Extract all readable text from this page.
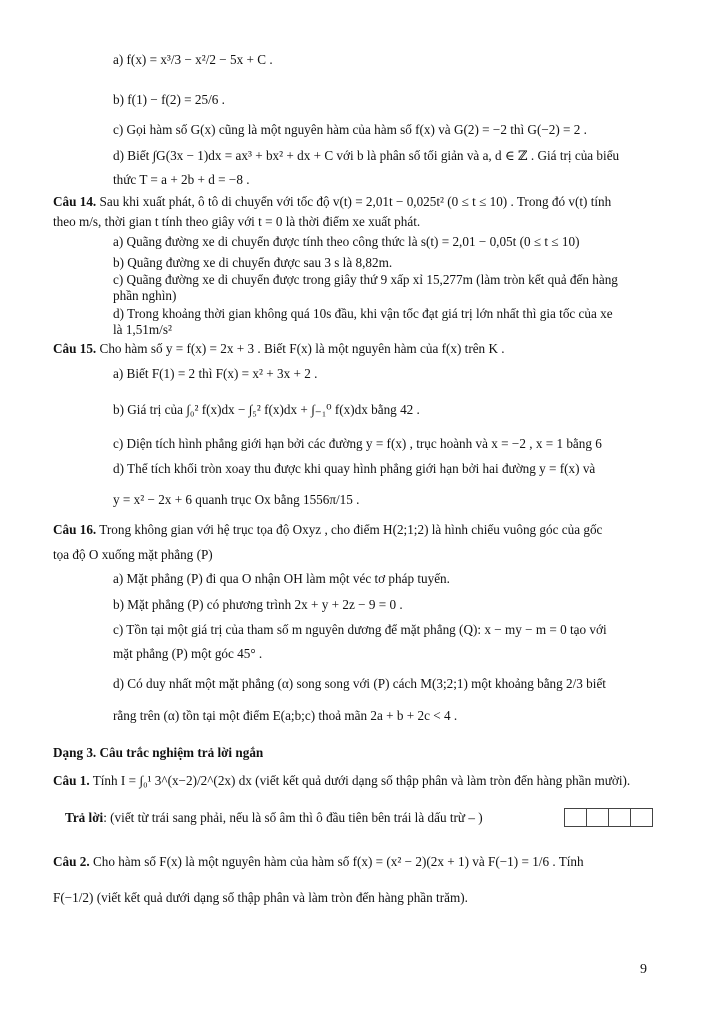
a) f(x) = x³/3 − x²/2 − 5x + C .
b) f(1) − f(2) = 25/6 .
c) Gọi hàm số G(x) cũng là một nguyên hàm của hàm số f(x) và G(2) = −2 thì G(−2) = 2 .
d) Biết ∫G(3x − 1)dx = ax³ + bx² + dx + C với b là phân số tối giản và a, d ∈ ℤ . Giá trị của biểu
thức T = a + 2b + d = −8 .
Câu 14. Sau khi xuất phát, ô tô di chuyển với tốc độ v(t) = 2,01t − 0,025t² (0 ≤ t ≤ 10) . Trong đó v(t) tính
theo m/s, thời gian t tính theo giây với t = 0 là thời điểm xe xuất phát.
a) Quãng đường xe di chuyển được tính theo công thức là s(t) = 2,01 − 0,05t (0 ≤ t ≤ 10)
b) Quãng đường xe di chuyển được sau 3 s là 8,82m.
c) Quãng đường xe di chuyển được trong giây thứ 9 xấp xỉ 15,277m (làm tròn kết quả đến hàng
phần nghìn)
d) Trong khoảng thời gian không quá 10s đầu, khi vận tốc đạt giá trị lớn nhất thì gia tốc của xe
là 1,51m/s²
Câu 15. Cho hàm số y = f(x) = 2x + 3 . Biết F(x) là một nguyên hàm của f(x) trên K .
a) Biết F(1) = 2 thì F(x) = x² + 3x + 2 .
b) Giá trị của ∫₀² f(x)dx − ∫₅² f(x)dx + ∫₋₁⁰ f(x)dx bằng 42 .
c) Diện tích hình phẳng giới hạn bởi các đường y = f(x) , trục hoành và x = −2 , x = 1 bằng 6
d) Thể tích khối tròn xoay thu được khi quay hình phẳng giới hạn bởi hai đường y = f(x) và
y = x² − 2x + 6 quanh trục Ox bằng 1556π/15 .
Câu 16. Trong không gian với hệ trục tọa độ Oxyz , cho điểm H(2;1;2) là hình chiếu vuông góc của gốc
tọa độ O xuống mặt phẳng (P)
a) Mặt phẳng (P) đi qua O nhận OH làm một véc tơ pháp tuyến.
b) Mặt phẳng (P) có phương trình 2x + y + 2z − 9 = 0 .
c) Tồn tại một giá trị của tham số m nguyên dương để mặt phẳng (Q): x − my − m = 0 tạo với
mặt phẳng (P) một góc 45° .
d) Có duy nhất một mặt phẳng (α) song song với (P) cách M(3;2;1) một khoảng bằng 2/3 biết
rằng trên (α) tồn tại một điểm E(a;b;c) thoả mãn 2a + b + 2c < 4 .
Dạng 3. Câu trắc nghiệm trả lời ngắn
Câu 1. Tính I = ∫₀¹ 3^(x−2)/2^(2x) dx (viết kết quả dưới dạng số thập phân và làm tròn đến hàng phần mười).
Trả lời: (viết từ trái sang phải, nếu là số âm thì ô đầu tiên bên trái là dấu trừ – )
Câu 2. Cho hàm số F(x) là một nguyên hàm của hàm số f(x) = (x² − 2)(2x + 1) và F(−1) = 1/6 . Tính
F(−1/2) (viết kết quả dưới dạng số thập phân và làm tròn đến hàng phần trăm).
9
